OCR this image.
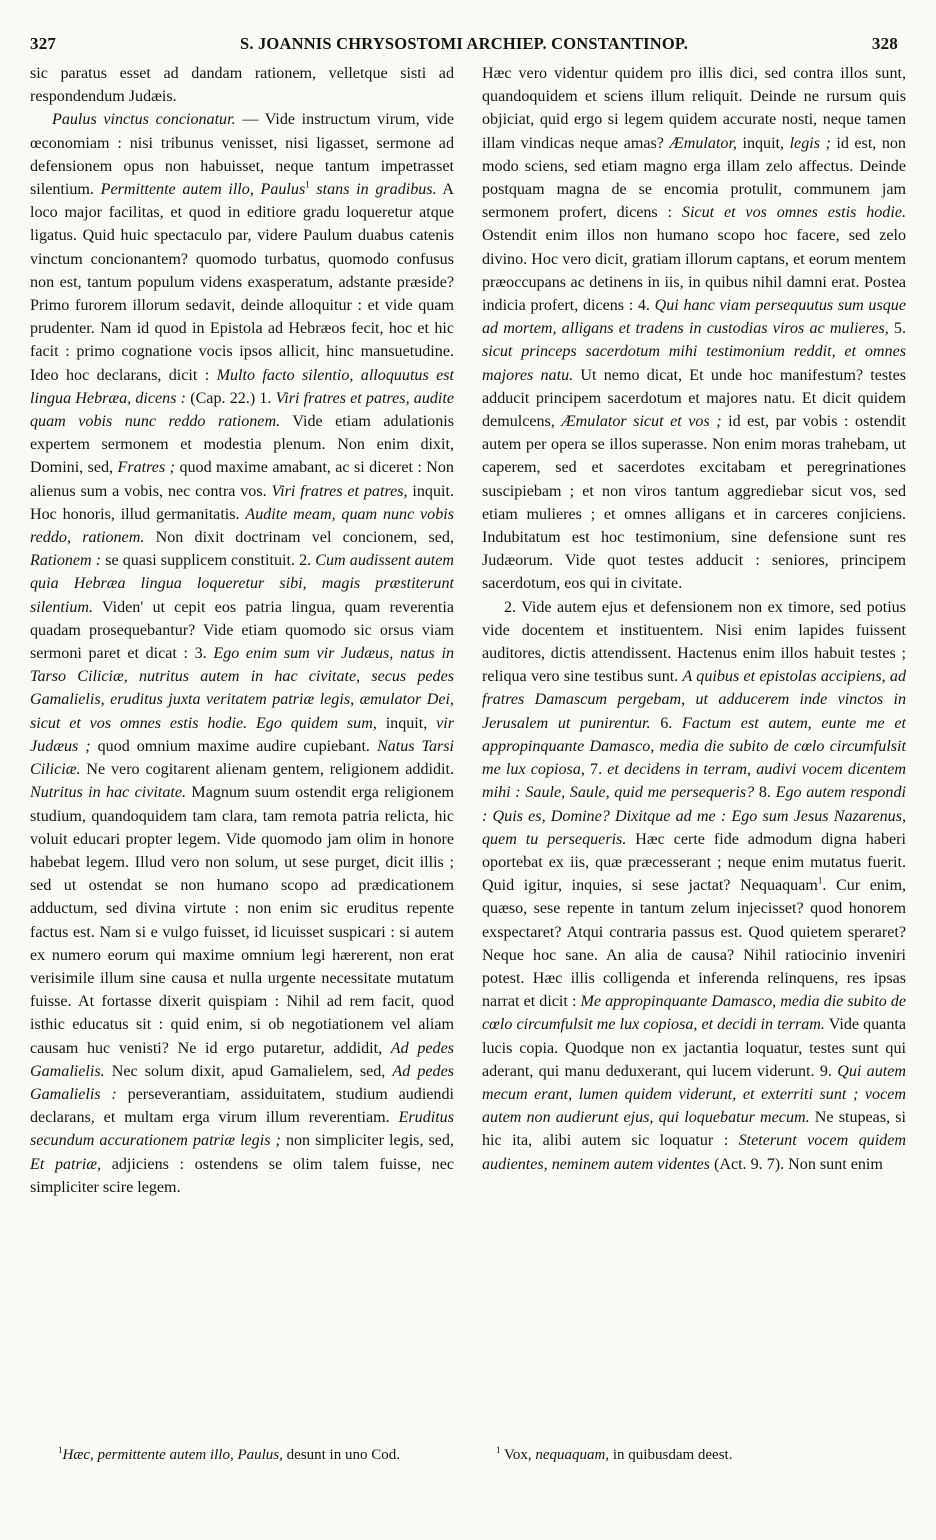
327	S. JOANNIS CHRYSOSTOMI ARCHIEP. CONSTANTINOP.	328

sic paratus esset ad dandam rationem, velletque sisti ad respondendum Judæis.

Paulus vinctus concionatur. — Vide instructum virum, vide œconomiam : nisi tribunus venisset, nisi ligasset, sermone ad defensionem opus non habuisset, neque tantum impetrasset silentium. Permittente autem illo, Paulus$^1$ stans in gradibus. A loco major facilitas, et quod in editiore gradu loqueretur atque ligatus. Quid huic spectaculo par, videre Paulum duabus catenis vinctum concionantem? quomodo turbatus, quomodo confusus non est, tantum populum videns exasperatum, adstante præside? Primo furorem illorum sedavit, deinde alloquitur : et vide quam prudenter. Nam id quod in Epistola ad Hebræos fecit, hoc et hic facit : primo cognatione vocis ipsos allicit, hinc mansuetudine. Ideo hoc declarans, dicit : Multo facto silentio, alloquutus est lingua Hebræa, dicens : (Cap. 22.) 1. Viri fratres et patres, audite quam vobis nunc reddo rationem. Vide etiam adulationis expertem sermonem et modestia plenum. Non enim dixit, Domini, sed, Fratres ; quod maxime amabant, ac si diceret : Non alienus sum a vobis, nec contra vos. Viri fratres et patres, inquit. Hoc honoris, illud germanitatis. Audite meam, quam nunc vobis reddo, rationem. Non dixit doctrinam vel concionem, sed, Rationem : se quasi supplicem constituit. 2. Cum audissent autem quia Hebræa lingua loqueretur sibi, magis præstiterunt silentium. Viden' ut cepit eos patria lingua, quam reverentia quadam prosequebantur? Vide etiam quomodo sic orsus viam sermoni paret et dicat : 3. Ego enim sum vir Judæus, natus in Tarso Ciliciæ, nutritus autem in hac civitate, secus pedes Gamalielis, eruditus juxta veritatem patriæ legis, æmulator Dei, sicut et vos omnes estis hodie. Ego quidem sum, inquit, vir Judæus ; quod omnium maxime audire cupiebant. Natus Tarsi Ciliciæ. Ne vero cogitarent alienam gentem, religionem addidit. Nutritus in hac civitate. Magnum suum ostendit erga religionem studium, quandoquidem tam clara, tam remota patria relicta, hic voluit educari propter legem. Vide quomodo jam olim in honore habebat legem. Illud vero non solum, ut sese purget, dicit illis ; sed ut ostendat se non humano scopo ad prædicationem adductum, sed divina virtute : non enim sic eruditus repente factus est. Nam si e vulgo fuisset, id licuisset suspicari : si autem ex numero eorum qui maxime omnium legi hærerent, non erat verisimile illum sine causa et nulla urgente necessitate mutatum fuisse. At fortasse dixerit quispiam : Nihil ad rem facit, quod isthic educatus sit : quid enim, si ob negotiationem vel aliam causam huc venisti? Ne id ergo putaretur, addidit, Ad pedes Gamalielis. Nec solum dixit, apud Gamalielem, sed, Ad pedes Gamalielis : perseverantiam, assiduitatem, studium audiendi declarans, et multam erga virum illum reverentiam. Eruditus secundum accurationem patriæ legis ; non simpliciter legis, sed, Et patriæ, adjiciens : ostendens se olim talem fuisse, nec simpliciter scire legem.

Hæc vero videntur quidem pro illis dici, sed contra illos sunt, quandoquidem et sciens illum reliquit. Deinde ne rursum quis objiciat, quid ergo si legem quidem accurate nosti, neque tamen illam vindicas neque amas? Æmulator, inquit, legis ; id est, non modo sciens, sed etiam magno erga illam zelo affectus. Deinde postquam magna de se encomia protulit, communem jam sermonem profert, dicens : Sicut et vos omnes estis hodie. Ostendit enim illos non humano scopo hoc facere, sed zelo divino. Hoc vero dicit, gratiam illorum captans, et eorum mentem præoccupans ac detinens in iis, in quibus nihil damni erat. Postea indicia profert, dicens : 4. Qui hanc viam persequutus sum usque ad mortem, alligans et tradens in custodias viros ac mulieres, 5. sicut princeps sacerdotum mihi testimonium reddit, et omnes majores natu. Ut nemo dicat, Et unde hoc manifestum? testes adducit principem sacerdotum et majores natu. Et dicit quidem demulcens, Æmulator sicut et vos ; id est, par vobis : ostendit autem per opera se illos superasse. Non enim moras trahebam, ut caperem, sed et sacerdotes excitabam et peregrinationes suscipiebam ; et non viros tantum aggrediebar sicut vos, sed etiam mulieres ; et omnes alligans et in carceres conjiciens. Indubitatum est hoc testimonium, sine defensione sunt res Judæorum. Vide quot testes adducit : seniores, principem sacerdotum, eos qui in civitate.

2. Vide autem ejus et defensionem non ex timore, sed potius vide docentem et instituentem. Nisi enim lapides fuissent auditores, dictis attendissent. Hactenus enim illos habuit testes ; reliqua vero sine testibus sunt. A quibus et epistolas accipiens, ad fratres Damascum pergebam, ut adducerem inde vinctos in Jerusalem ut punirentur. 6. Factum est autem, eunte me et appropinquante Damasco, media die subito de cœlo circumfulsit me lux copiosa, 7. et decidens in terram, audivi vocem dicentem mihi : Saule, Saule, quid me persequeris? 8. Ego autem respondi : Quis es, Domine? Dixitque ad me : Ego sum Jesus Nazarenus, quem tu persequeris. Hæc certe fide admodum digna haberi oportebat ex iis, quæ præcesserant ; neque enim mutatus fuerit. Quid igitur, inquies, si sese jactat? Nequaquam$^1$. Cur enim, quæso, sese repente in tantum zelum injecisset? quod honorem exspectaret? Atqui contraria passus est. Quod quietem speraret? Neque hoc sane. An alia de causa? Nihil ratiocinio inveniri potest. Hæc illis colligenda et inferenda relinquens, res ipsas narrat et dicit : Me appropinquante Damasco, media die subito de cœlo circumfulsit me lux copiosa, et decidi in terram. Vide quanta lucis copia. Quodque non ex jactantia loquatur, testes sunt qui aderant, qui manu deduxerant, qui lucem viderunt. 9. Qui autem mecum erant, lumen quidem viderunt, et exterriti sunt ; vocem autem non audierunt ejus, qui loquebatur mecum. Ne stupeas, si hic ita, alibi autem sic loquatur : Steterunt vocem quidem audientes, neminem autem videntes (Act. 9. 7). Non sunt enim

$^1$Hæc, permittente autem illo, Paulus, desunt in uno Cod.	$^1$ Vox, nequaquam, in quibusdam deest.
